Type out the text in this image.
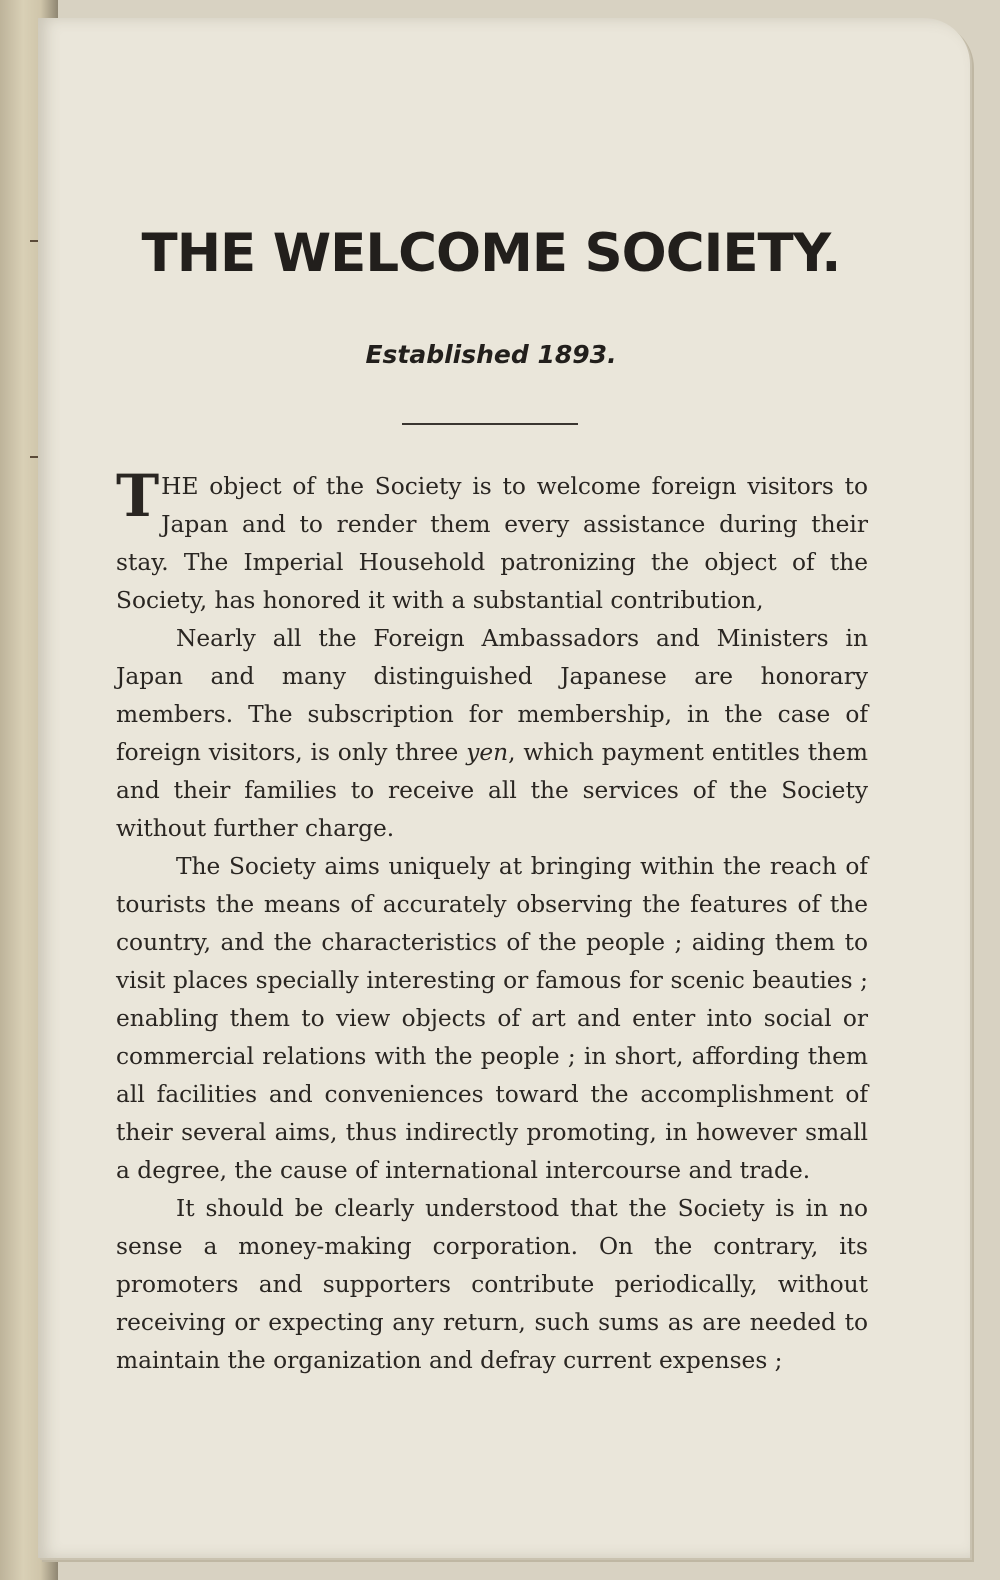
THE WELCOME SOCIETY.
Established 1893.

THE object of the Society is to welcome foreign visitors to Japan and to render them every assistance during their stay. The Imperial Household patronizing the object of the Society, has honored it with a substantial contribution,

Nearly all the Foreign Ambassadors and Ministers in Japan and many distinguished Japanese are honorary members. The subscription for membership, in the case of foreign visitors, is only three yen, which payment entitles them and their families to receive all the services of the Society without further charge.

The Society aims uniquely at bringing within the reach of tourists the means of accurately observing the features of the country, and the characteristics of the people ; aiding them to visit places specially interesting or famous for scenic beauties ; enabling them to view objects of art and enter into social or commercial relations with the people ; in short, affording them all facilities and conveniences toward the accomplishment of their several aims, thus indirectly promoting, in however small a degree, the cause of international intercourse and trade.

It should be clearly understood that the Society is in no sense a money-making corporation. On the contrary, its promoters and supporters contribute periodically, without receiving or expecting any return, such sums as are needed to maintain the organization and defray current expenses ;
